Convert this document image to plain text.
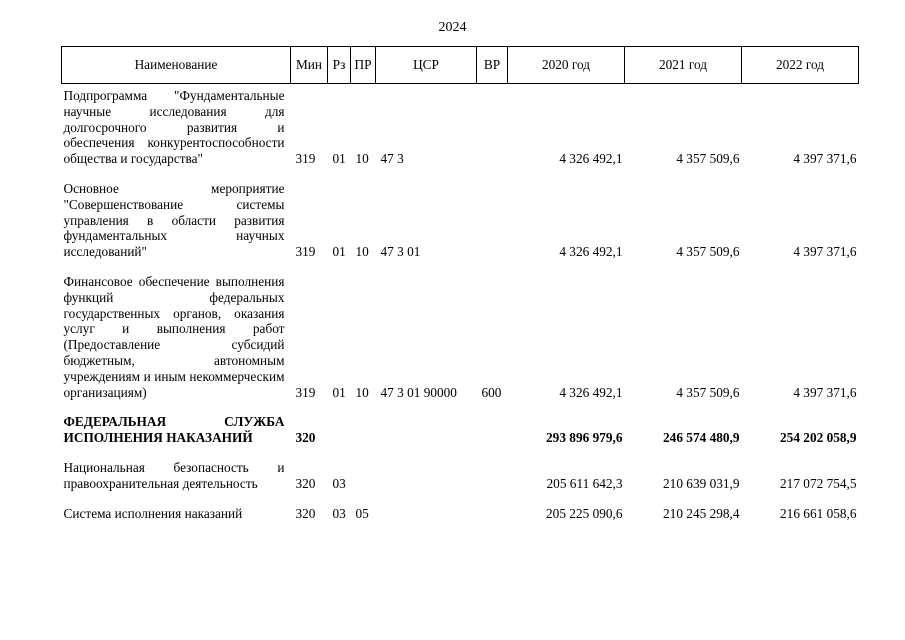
2024
Наименование	Мин	Рз	ПР	ЦСР	ВР	2020 год	2021 год	2022 год
Подпрограмма "Фундаментальные научные исследования для долгосрочного развития и обеспечения конкурентоспособности общества и государства"	319	01	10	47 3		4 326 492,1	4 357 509,6	4 397 371,6
Основное мероприятие "Совершенствование системы управления в области развития фундаментальных научных исследований"	319	01	10	47 3 01		4 326 492,1	4 357 509,6	4 397 371,6
Финансовое обеспечение выполнения функций федеральных государственных органов, оказания услуг и выполнения работ (Предоставление субсидий бюджетным, автономным учреждениям и иным некоммерческим организациям)	319	01	10	47 3 01 90000	600	4 326 492,1	4 357 509,6	4 397 371,6
ФЕДЕРАЛЬНАЯ СЛУЖБА ИСПОЛНЕНИЯ НАКАЗАНИЙ	320					293 896 979,6	246 574 480,9	254 202 058,9
Национальная безопасность и правоохранительная деятельность	320	03				205 611 642,3	210 639 031,9	217 072 754,5
Система исполнения наказаний	320	03	05			205 225 090,6	210 245 298,4	216 661 058,6
